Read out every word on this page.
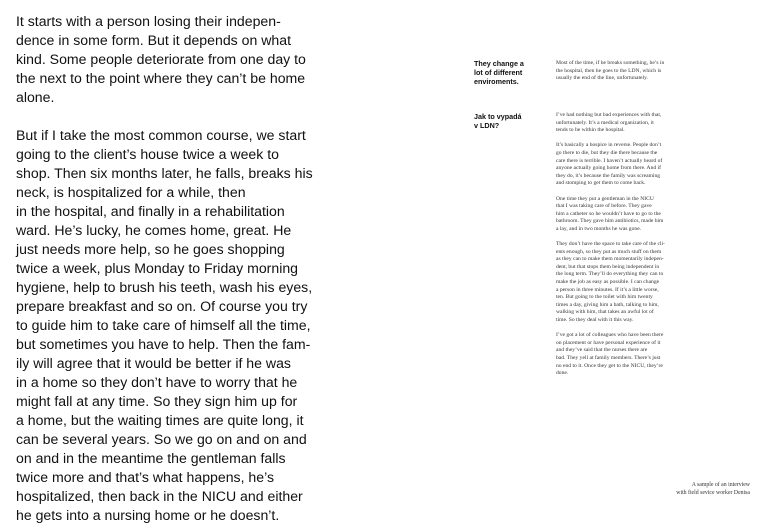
It starts with a person losing their indepen-
dence in some form. But it depends on what
kind. Some people deteriorate from one day to
the next to the point where they can’t be home
alone.
But if I take the most common course, we start
going to the client’s house twice a week to
shop. Then six months later, he falls, breaks his
neck, is hospitalized for a while, then
in the hospital, and finally in a rehabilitation
ward. He’s lucky, he comes home, great. He
just needs more help, so he goes shopping
twice a week, plus Monday to Friday morning
hygiene, help to brush his teeth, wash his eyes,
prepare breakfast and so on. Of course you try
to guide him to take care of himself all the time,
but sometimes you have to help. Then the fam-
ily will agree that it would be better if he was
in a home so they don’t have to worry that he
might fall at any time. So they sign him up for
a home, but the waiting times are quite long, it
can be several years. So we go on and on and
on and in the meantime the gentleman falls
twice more and that’s what happens, he’s
hospitalized, then back in the NICU and either
he gets into a nursing home or he doesn’t.
They change a
lot of different
enviroments.
Most of the time, if he breaks something, he’s in
the hospital, then he goes to the LDN, which is
usually the end of the line, unfortunately.
Jak to vypadá
v LDN?
I’ve had nothing but bad experiences with that,
unfortunately. It’s a medical organization, it
tends to be within the hospital.
It’s basically a hospice in reverse. People don’t
go there to die, but they die there because the
care there is terrible. I haven’t actually heard of
anyone actually going home from there. And if
they do, it’s because the family was screaming
and stomping to get them to come back.
One time they put a gentleman in the NICU
that I was taking care of before. They gave
him a catheter so he wouldn’t have to go to the
bathroom. They gave him antibiotics, made him
a lay, and in two months he was gone.
They don’t have the space to take care of the cli-
ents enough, so they put as much stuff on them
as they can to make them momentarily indepen-
dent, but that stops them being independent in
the long term. They’ll do everything they can to
make the job as easy as possible. I can change
a person in three minutes. If it’s a little worse,
ten. But going to the toilet with him twenty
times a day, giving him a bath, talking to him,
walking with him, that takes an awful lot of
time. So they deal with it this way.
I’ve got a lot of colleagues who have been there
on placement or have personal experience of it
and they’ve said that the nurses there are
bad. They yell at family members. There’s just
no end to it. Once they get to the NICU, they’re
done.
A sample of an interview
with field sevice worker Denisa
